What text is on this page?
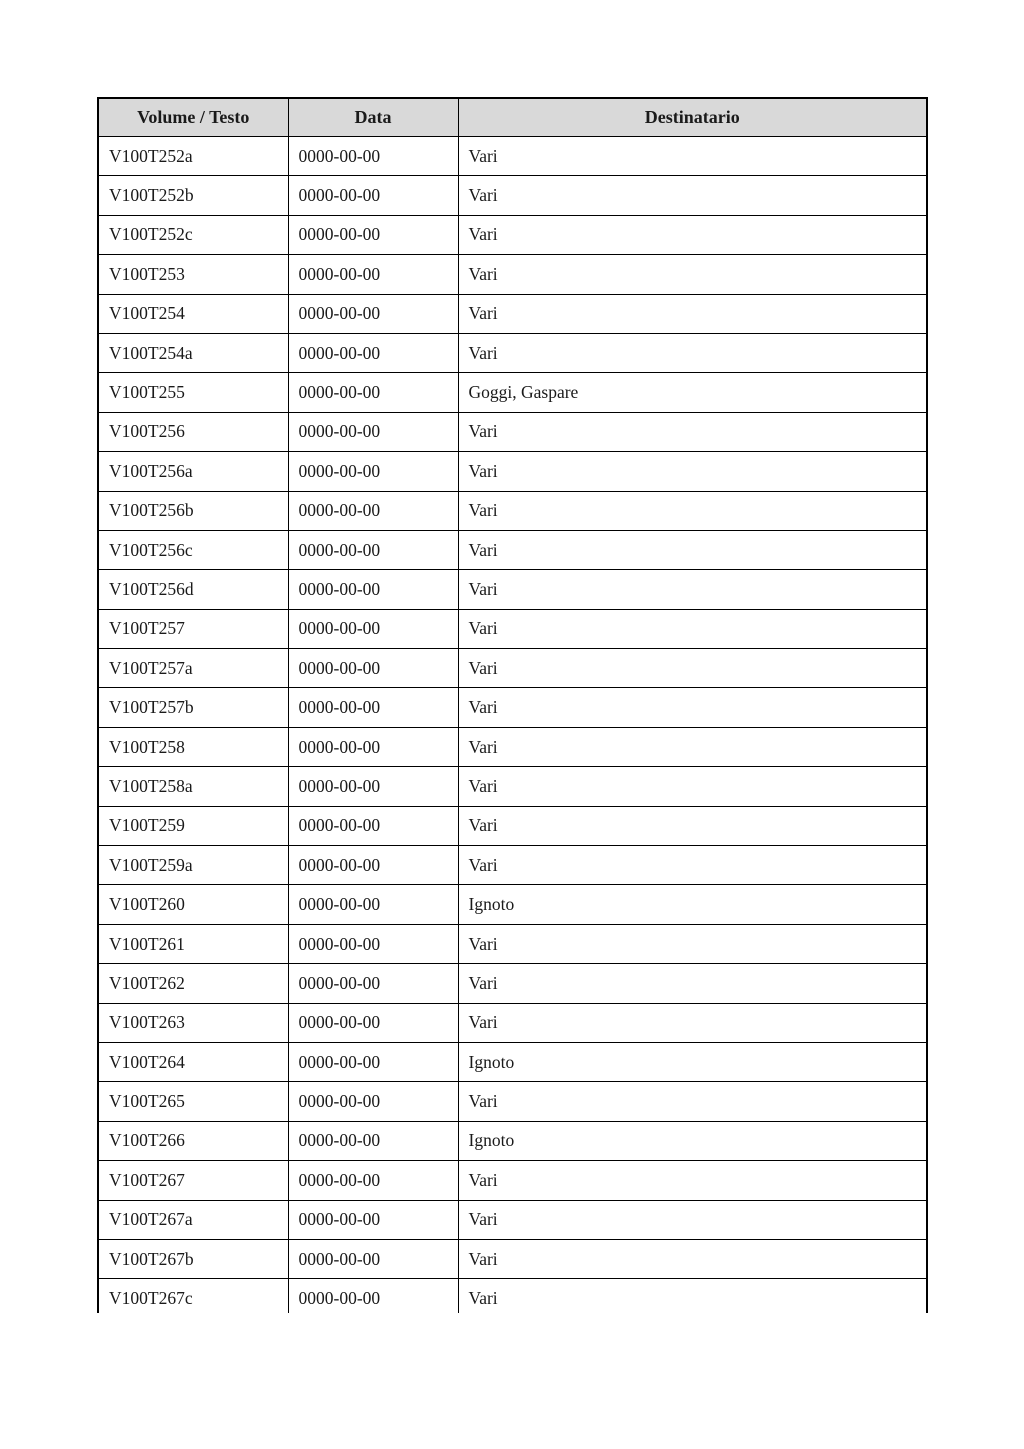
Volume / Testo	Data	Destinatario
V100T252a	0000-00-00	Vari
V100T252b	0000-00-00	Vari
V100T252c	0000-00-00	Vari
V100T253	0000-00-00	Vari
V100T254	0000-00-00	Vari
V100T254a	0000-00-00	Vari
V100T255	0000-00-00	Goggi, Gaspare
V100T256	0000-00-00	Vari
V100T256a	0000-00-00	Vari
V100T256b	0000-00-00	Vari
V100T256c	0000-00-00	Vari
V100T256d	0000-00-00	Vari
V100T257	0000-00-00	Vari
V100T257a	0000-00-00	Vari
V100T257b	0000-00-00	Vari
V100T258	0000-00-00	Vari
V100T258a	0000-00-00	Vari
V100T259	0000-00-00	Vari
V100T259a	0000-00-00	Vari
V100T260	0000-00-00	Ignoto
V100T261	0000-00-00	Vari
V100T262	0000-00-00	Vari
V100T263	0000-00-00	Vari
V100T264	0000-00-00	Ignoto
V100T265	0000-00-00	Vari
V100T266	0000-00-00	Ignoto
V100T267	0000-00-00	Vari
V100T267a	0000-00-00	Vari
V100T267b	0000-00-00	Vari
V100T267c	0000-00-00	Vari
